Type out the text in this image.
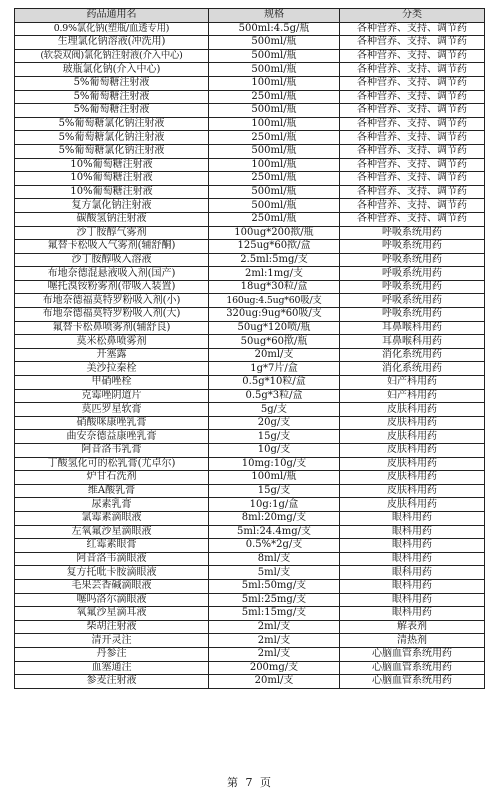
药品通用名	规格	分类
0.9%氯化钠(塑瓶/血透专用)	500ml:4.5g/瓶	各种营养、支持、调节药
生理氯化钠溶液(冲洗用)	500ml/瓶	各种营养、支持、调节药
(软袋双阀)氯化钠注射液(介入中心)	500ml/瓶	各种营养、支持、调节药
玻瓶氯化钠(介入中心)	500ml/瓶	各种营养、支持、调节药
5%葡萄糖注射液	100ml/瓶	各种营养、支持、调节药
5%葡萄糖注射液	250ml/瓶	各种营养、支持、调节药
5%葡萄糖注射液	500ml/瓶	各种营养、支持、调节药
5%葡萄糖氯化钠注射液	100ml/瓶	各种营养、支持、调节药
5%葡萄糖氯化钠注射液	250ml/瓶	各种营养、支持、调节药
5%葡萄糖氯化钠注射液	500ml/瓶	各种营养、支持、调节药
10%葡萄糖注射液	100ml/瓶	各种营养、支持、调节药
10%葡萄糖注射液	250ml/瓶	各种营养、支持、调节药
10%葡萄糖注射液	500ml/瓶	各种营养、支持、调节药
复方氯化钠注射液	500ml/瓶	各种营养、支持、调节药
碳酸氢钠注射液	250ml/瓶	各种营养、支持、调节药
沙丁胺醇气雾剂	100ug*200揿/瓶	呼吸系统用药
氟替卡松吸入气雾剂(辅舒酮)	125ug*60揿/盒	呼吸系统用药
沙丁胺醇吸入溶液	2.5ml:5mg/支	呼吸系统用药
布地奈德混悬液吸入剂(国产)	2ml:1mg/支	呼吸系统用药
噻托溴铵粉雾剂(带吸入装置)	18ug*30粒/盒	呼吸系统用药
布地奈德福莫特罗粉吸入剂(小)	160ug:4.5ug*60吸/支	呼吸系统用药
布地奈德福莫特罗粉吸入剂(大)	320ug:9ug*60吸/支	呼吸系统用药
氟替卡松鼻喷雾剂(辅舒良)	50ug*120喷/瓶	耳鼻喉科用药
莫米松鼻喷雾剂	50ug*60揿/瓶	耳鼻喉科用药
开塞露	20ml/支	消化系统用药
美沙拉秦栓	1g*7片/盒	消化系统用药
甲硝唑栓	0.5g*10粒/盒	妇产科用药
克霉唑阴道片	0.5g*3粒/盒	妇产科用药
莫匹罗星软膏	5g/支	皮肤科用药
硝酸咪康唑乳膏	20g/支	皮肤科用药
曲安奈德益康唑乳膏	15g/支	皮肤科用药
阿昔洛韦乳膏	10g/支	皮肤科用药
丁酸氢化可的松乳膏(尤卓尔)	10mg:10g/支	皮肤科用药
炉甘石洗剂	100ml/瓶	皮肤科用药
维A酸乳膏	15g/支	皮肤科用药
尿素乳膏	10g:1g/盒	皮肤科用药
氯霉素滴眼液	8ml:20mg/支	眼科用药
左氧氟沙星滴眼液	5ml:24.4mg/支	眼科用药
红霉素眼膏	0.5%*2g/支	眼科用药
阿昔洛韦滴眼液	8ml/支	眼科用药
复方托吡卡胺滴眼液	5ml/支	眼科用药
毛果芸香碱滴眼液	5ml:50mg/支	眼科用药
噻吗洛尔滴眼液	5ml:25mg/支	眼科用药
氧氟沙星滴耳液	5ml:15mg/支	眼科用药
柴胡注射液	2ml/支	解表剂
清开灵注	2ml/支	清热剂
丹参注	2ml/支	心脑血管系统用药
血塞通注	200mg/支	心脑血管系统用药
参麦注射液	20ml/支	心脑血管系统用药
第 7 页
